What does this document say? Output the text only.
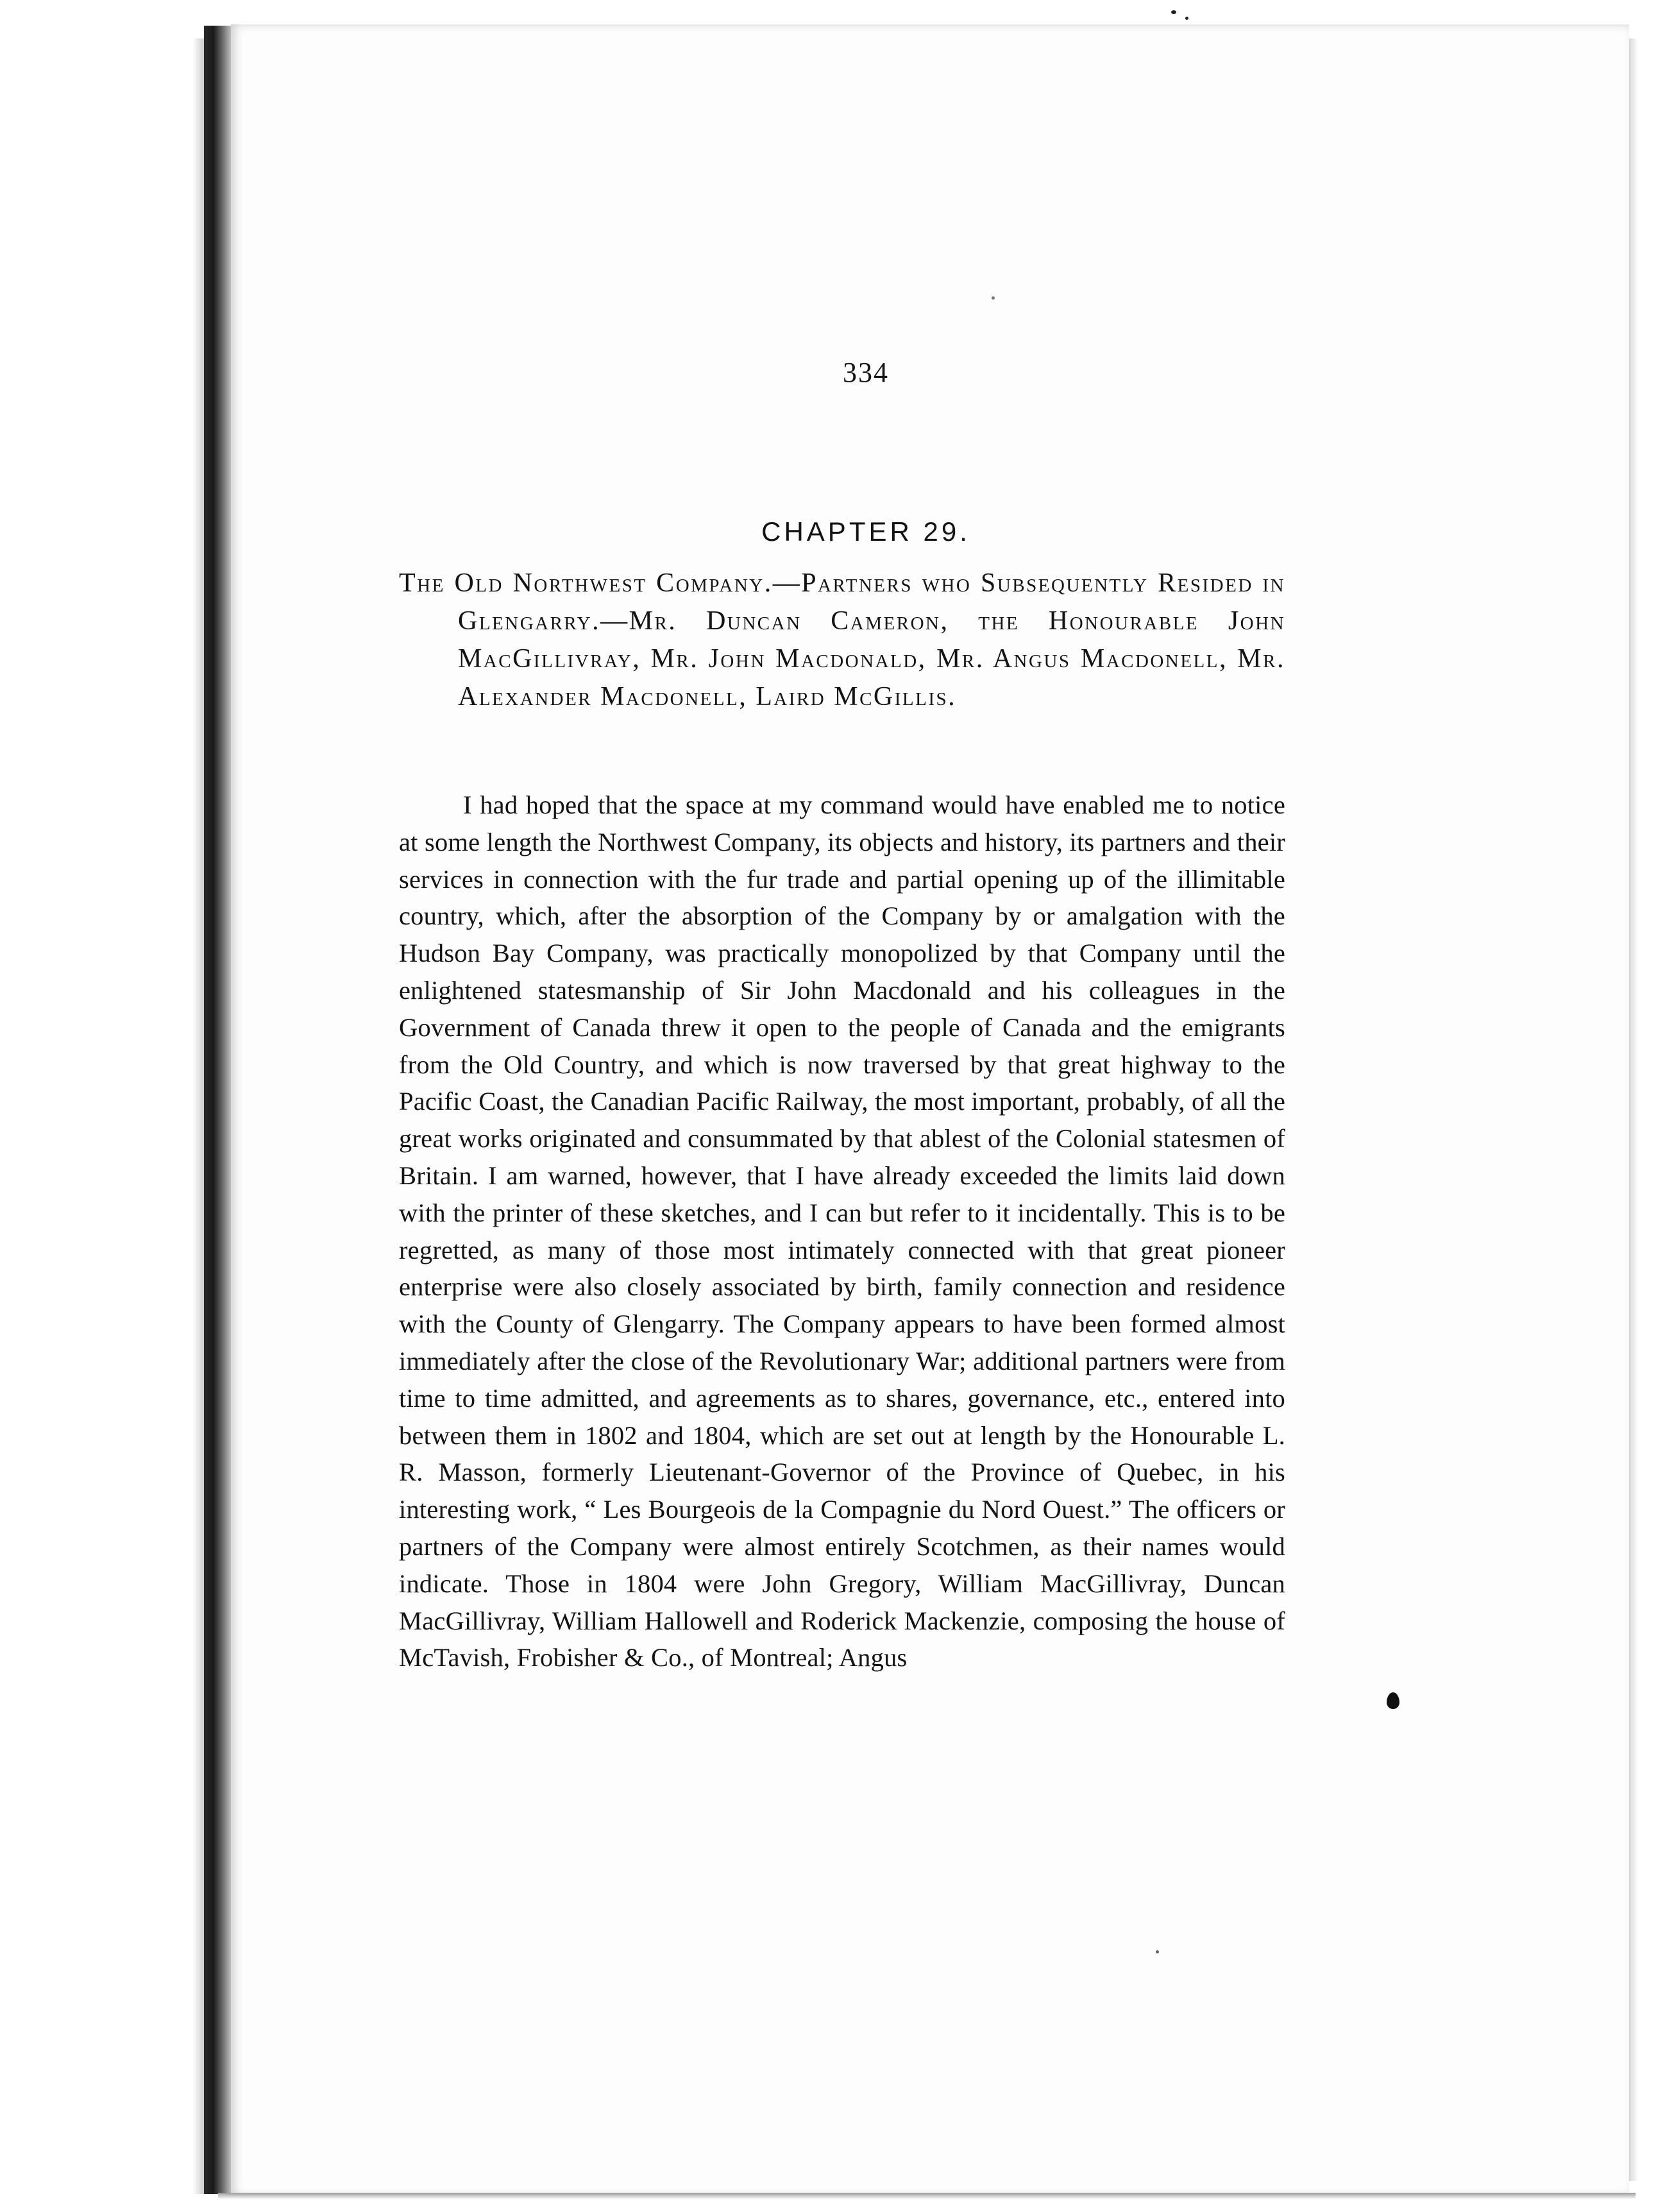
334
CHAPTER 29.

The Old Northwest Company.—Partners who Subsequently Resided in Glengarry.—Mr. Duncan Cameron, the Honourable John MacGillivray, Mr. John Macdonald, Mr. Angus Macdonell, Mr. Alexander Macdonell, Laird McGillis.

I had hoped that the space at my command would have enabled me to notice at some length the Northwest Company, its objects and history, its partners and their services in connection with the fur trade and partial opening up of the illimitable country, which, after the absorption of the Company by or amalgation with the Hudson Bay Company, was practically monopolized by that Company until the enlightened statesmanship of Sir John Macdonald and his colleagues in the Government of Canada threw it open to the people of Canada and the emigrants from the Old Country, and which is now traversed by that great highway to the Pacific Coast, the Canadian Pacific Railway, the most important, probably, of all the great works originated and consummated by that ablest of the Colonial statesmen of Britain. I am warned, however, that I have already exceeded the limits laid down with the printer of these sketches, and I can but refer to it incidentally. This is to be regretted, as many of those most intimately connected with that great pioneer enterprise were also closely associated by birth, family connection and residence with the County of Glengarry. The Company appears to have been formed almost immediately after the close of the Revolutionary War; additional partners were from time to time admitted, and agreements as to shares, governance, etc., entered into between them in 1802 and 1804, which are set out at length by the Honourable L. R. Masson, formerly Lieutenant-Governor of the Province of Quebec, in his interesting work, “ Les Bourgeois de la Compagnie du Nord Ouest.” The officers or partners of the Company were almost entirely Scotchmen, as their names would indicate. Those in 1804 were John Gregory, William MacGillivray, Duncan MacGillivray, William Hallowell and Roderick Mackenzie, composing the house of McTavish, Frobisher & Co., of Montreal; Angus
